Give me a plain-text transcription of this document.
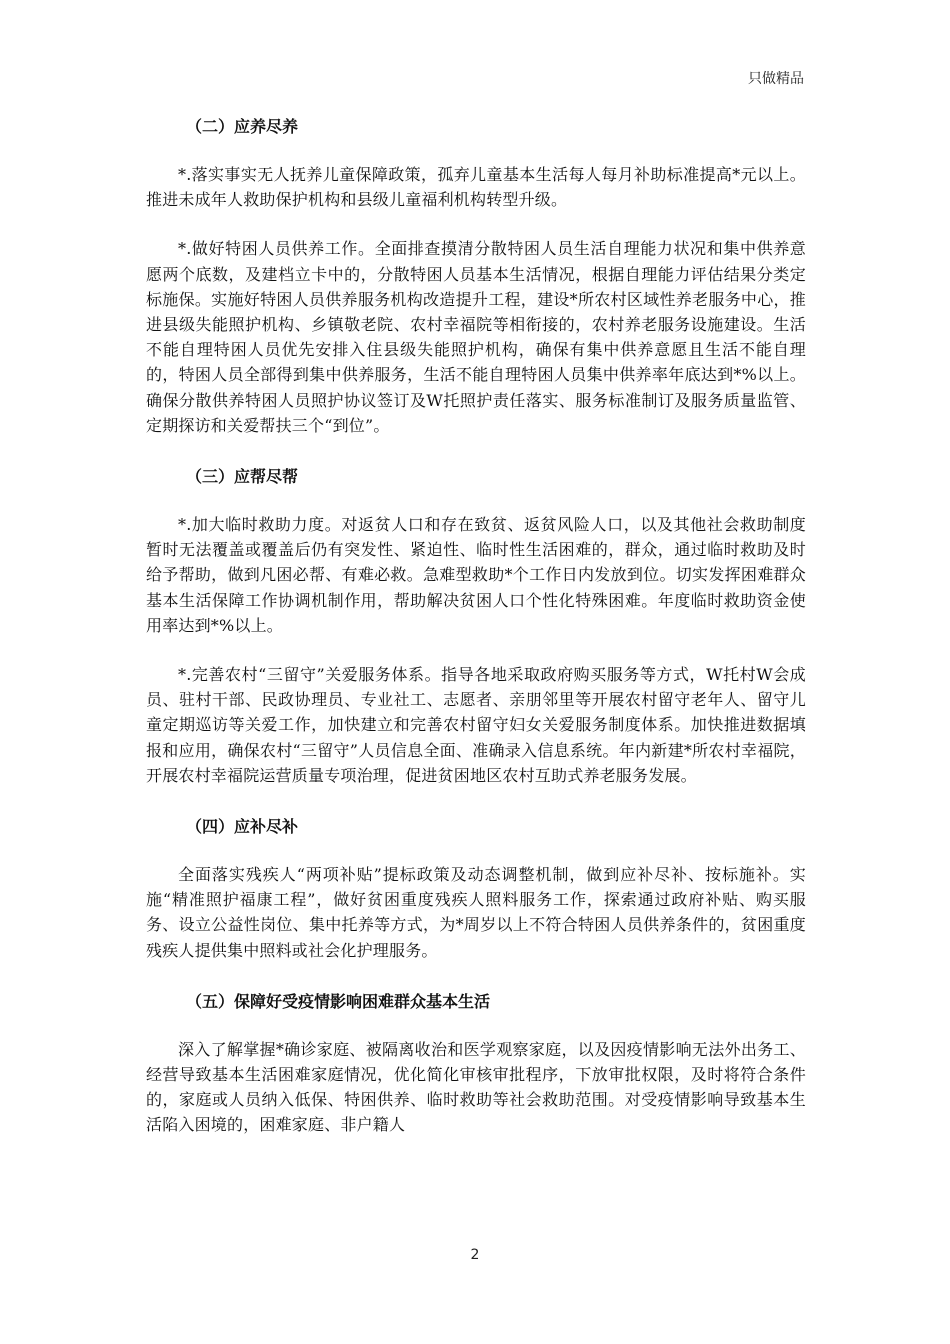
只做精品
（二）应养尽养

*.落实事实无人抚养儿童保障政策，孤弃儿童基本生活每人每月补助标准提高*元以上。推进未成年人救助保护机构和县级儿童福利机构转型升级。

*.做好特困人员供养工作。全面排查摸清分散特困人员生活自理能力状况和集中供养意愿两个底数，及建档立卡中的，分散特困人员基本生活情况，根据自理能力评估结果分类定标施保。实施好特困人员供养服务机构改造提升工程，建设*所农村区域性养老服务中心，推进县级失能照护机构、乡镇敬老院、农村幸福院等相衔接的，农村养老服务设施建设。生活不能自理特困人员优先安排入住县级失能照护机构，确保有集中供养意愿且生活不能自理的，特困人员全部得到集中供养服务，生活不能自理特困人员集中供养率年底达到*%以上。确保分散供养特困人员照护协议签订及W托照护责任落实、服务标准制订及服务质量监管、定期探访和关爱帮扶三个“到位”。

（三）应帮尽帮

*.加大临时救助力度。对返贫人口和存在致贫、返贫风险人口，以及其他社会救助制度暂时无法覆盖或覆盖后仍有突发性、紧迫性、临时性生活困难的，群众，通过临时救助及时给予帮助，做到凡困必帮、有难必救。急难型救助*个工作日内发放到位。切实发挥困难群众基本生活保障工作协调机制作用，帮助解决贫困人口个性化特殊困难。年度临时救助资金使用率达到*%以上。

*.完善农村“三留守”关爱服务体系。指导各地采取政府购买服务等方式，W托村W会成员、驻村干部、民政协理员、专业社工、志愿者、亲朋邻里等开展农村留守老年人、留守儿童定期巡访等关爱工作，加快建立和完善农村留守妇女关爱服务制度体系。加快推进数据填报和应用，确保农村“三留守”人员信息全面、准确录入信息系统。年内新建*所农村幸福院，开展农村幸福院运营质量专项治理，促进贫困地区农村互助式养老服务发展。

（四）应补尽补

全面落实残疾人“两项补贴”提标政策及动态调整机制，做到应补尽补、按标施补。实施“精准照护福康工程”，做好贫困重度残疾人照料服务工作，探索通过政府补贴、购买服务、设立公益性岗位、集中托养等方式，为*周岁以上不符合特困人员供养条件的，贫困重度残疾人提供集中照料或社会化护理服务。

（五）保障好受疫情影响困难群众基本生活

深入了解掌握*确诊家庭、被隔离收治和医学观察家庭，以及因疫情影响无法外出务工、经营导致基本生活困难家庭情况，优化简化审核审批程序，下放审批权限，及时将符合条件的，家庭或人员纳入低保、特困供养、临时救助等社会救助范围。对受疫情影响导致基本生活陷入困境的，困难家庭、非户籍人

2
